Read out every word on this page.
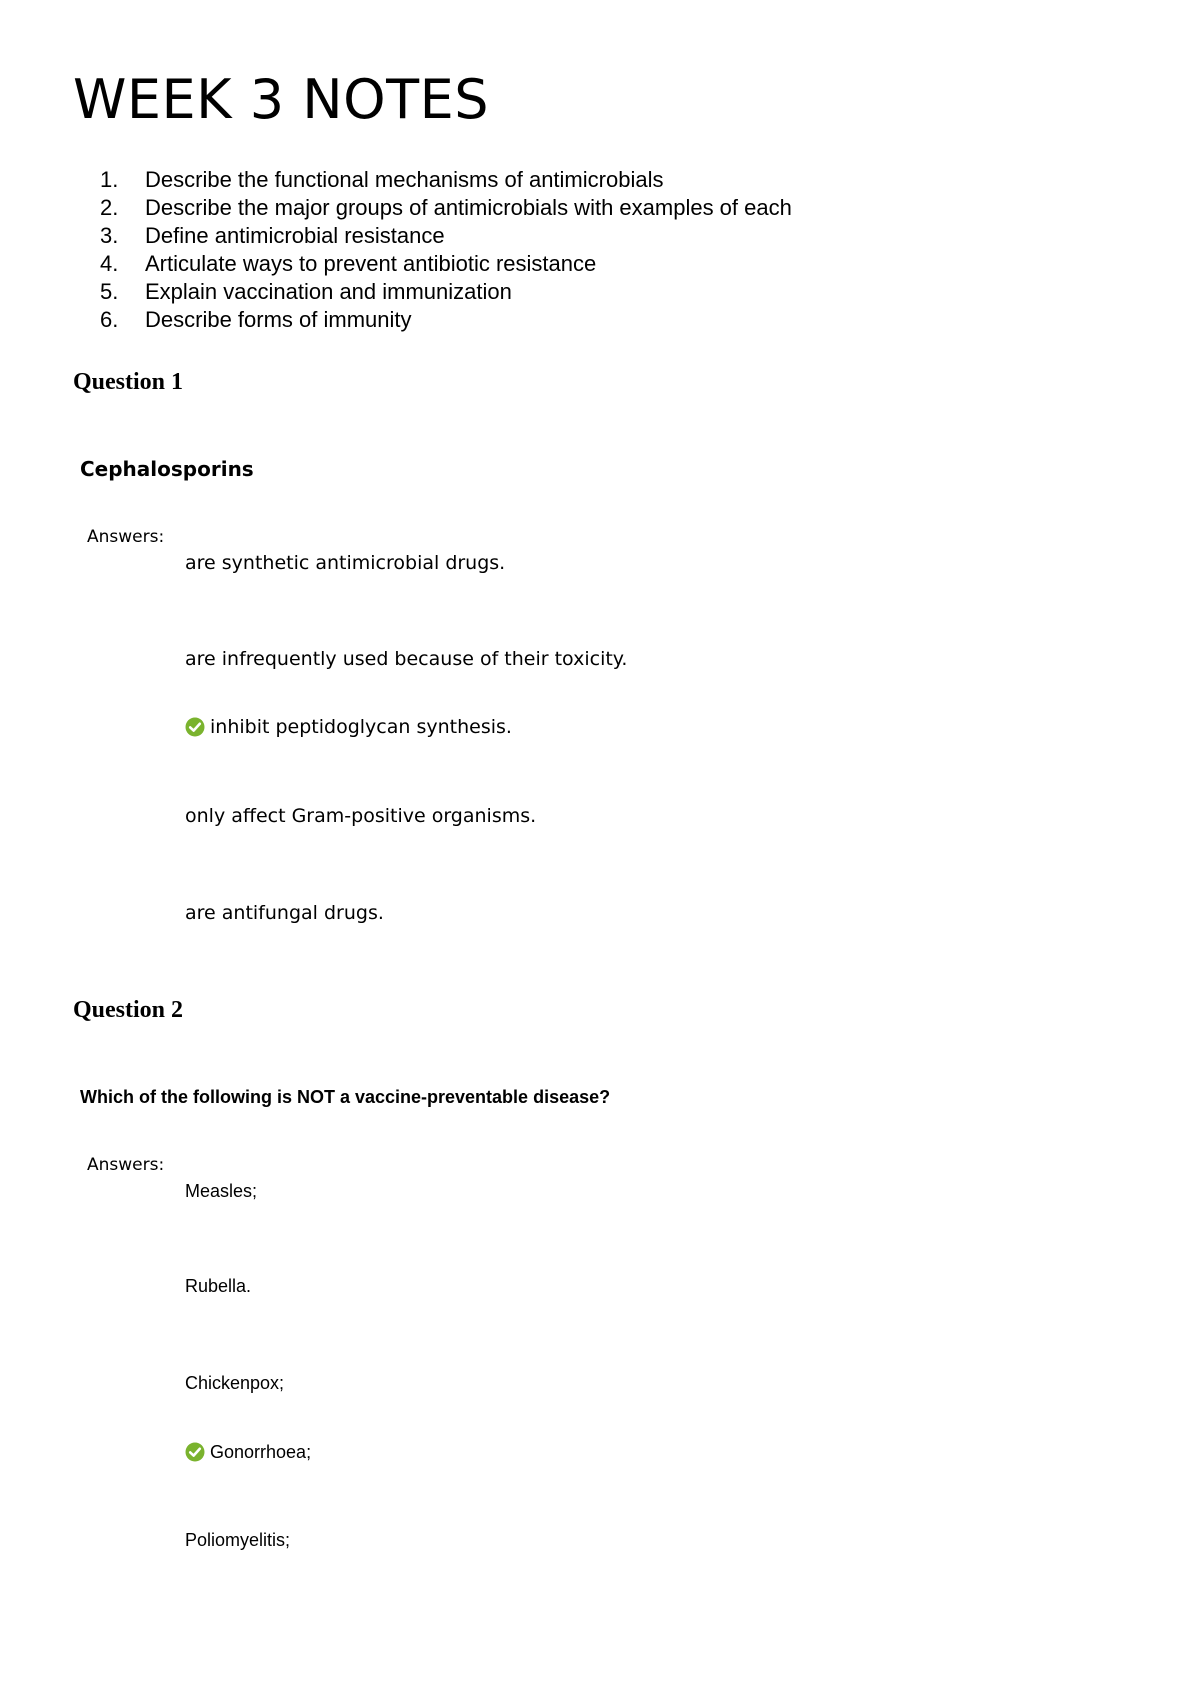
WEEK 3 NOTES
1.	Describe the functional mechanisms of antimicrobials
2.	Describe the major groups of antimicrobials with examples of each
3.	Define antimicrobial resistance
4.	Articulate ways to prevent antibiotic resistance
5.	Explain vaccination and immunization
6.	Describe forms of immunity
Question 1

Cephalosporins

Answers:
are synthetic antimicrobial drugs.
are infrequently used because of their toxicity.
inhibit peptidoglycan synthesis.
only affect Gram-positive organisms.
are antifungal drugs.
Question 2

Which of the following is NOT a vaccine-preventable disease?

Answers:
Measles;
Rubella.
Chickenpox;
Gonorrhoea;
Poliomyelitis;
